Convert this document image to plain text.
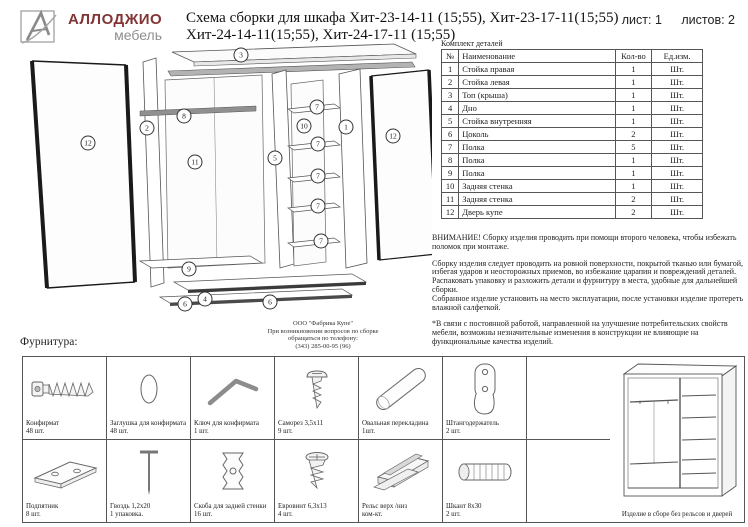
АЛЛОДЖИО
мебель
Схема сборки для шкафа Хит-23-14-11 (15;55), Хит-23-17-11(15;55)
Хит-24-14-11(15;55), Хит-24-17-11 (15;55)
лист: 1 листов: 2
Комплект деталей
№	Наименование	Кол-во	Ед.изм.
1	Стойка правая	1	Шт.
2	Стойка левая	1	Шт.
3	Топ (крыша)	1	Шт.
4	Дно	1	Шт.
5	Стойка внутренняя	1	Шт.
6	Цоколь	2	Шт.
7	Полка	5	Шт.
8	Полка	1	Шт.
9	Полка	1	Шт.
10	Задняя стенка	1	Шт.
11	Задняя стенка	2	Шт.
12	Дверь купе	2	Шт.
ВНИМАНИЕ! Сборку изделия проводить при помощи второго человека, чтобы избежать поломок при монтаже.
Сборку изделия следует проводить на ровной поверхности, покрытой тканью или бумагой, избегая ударов и неосторожных приемов, во избежание царапин и повреждений деталей.
Распаковать упаковку и разложить детали и фурнитуру в места, удобные для дальнейшей сборки.
Собранное изделие установить на место эксплуатации, после установки изделие протереть влажной салфеткой.
*В связи с постоянной работой, направленной на улучшение потребительских свойств мебели, возможны незначительные изменения в конструкции не влияющие на функциональные качества изделий.
ООО "Фабрика Купе"
При возникновении вопросов по сборке
обращаться по телефону:
(343) 285-00-95 (96)
3
8
2
12
11	5
10
7
7
7
7
7
1
12
9
4
6	6
Фурнитура:
Конфирмат
48 шт.
Заглушка для конфирмата
48 шт.
Ключ для конфирмата
1 шт.
Саморез 3,5х11
9 шт.
Овальная перекладина
1шт.
Штангодержатель
2 шт.
Подпятник
8 шт.
Гвоздь 1,2х20
1 упаковка.
Скоба для задней стенки
16 шт.
Евровинт 6,3х13
4 шт.
Рельс верх /низ
ком-кт.
Шкант 8х30
2 шт.	Изделие в сборе без рельсов и дверей
